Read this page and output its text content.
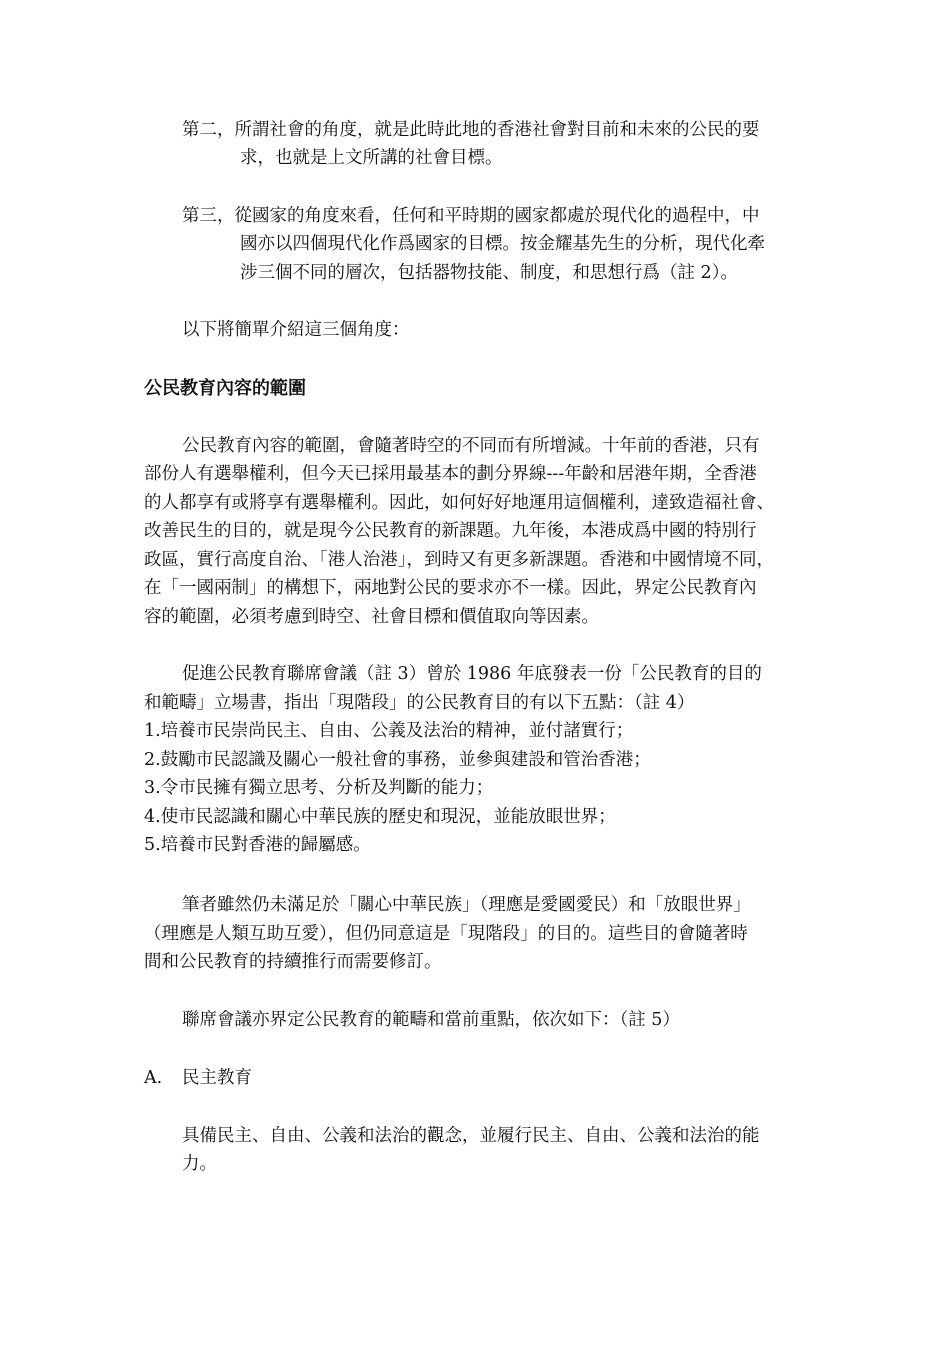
第二，所謂社會的角度，就是此時此地的香港社會對目前和未來的公民的要
求，也就是上文所講的社會目標。
第三，從國家的角度來看，任何和平時期的國家都處於現代化的過程中，中
國亦以四個現代化作爲國家的目標。按金耀基先生的分析，現代化牽
涉三個不同的層次，包括器物技能、制度，和思想行爲（註 2）。
以下將簡單介紹這三個角度：
公民教育內容的範圍
公民教育內容的範圍，會隨著時空的不同而有所增減。十年前的香港，只有
部份人有選舉權利，但今天已採用最基本的劃分界線---年齡和居港年期，全香港
的人都享有或將享有選舉權利。因此，如何好好地運用這個權利，達致造福社會、
改善民生的目的，就是現今公民教育的新課題。九年後，本港成爲中國的特別行
政區，實行高度自治、「港人治港」，到時又有更多新課題。香港和中國情境不同，
在「一國兩制」的構想下，兩地對公民的要求亦不一樣。因此，界定公民教育內
容的範圍，必須考慮到時空、社會目標和價值取向等因素。
促進公民教育聯席會議（註 3）曾於 1986 年底發表一份「公民教育的目的
和範疇」立場書，指出「現階段」的公民教育目的有以下五點：（註 4）
1.培養市民崇尚民主、自由、公義及法治的精神，並付諸實行；
2.鼓勵市民認識及關心一般社會的事務，並參與建設和管治香港；
3.令市民擁有獨立思考、分析及判斷的能力；
4.使市民認識和關心中華民族的歷史和現況，並能放眼世界；
5.培養市民對香港的歸屬感。
筆者雖然仍未滿足於「關心中華民族」（理應是愛國愛民）和「放眼世界」
（理應是人類互助互愛），但仍同意這是「現階段」的目的。這些目的會隨著時
間和公民教育的持續推行而需要修訂。
聯席會議亦界定公民教育的範疇和當前重點，依次如下：（註 5）
A. 民主教育
具備民主、自由、公義和法治的觀念，並履行民主、自由、公義和法治的能
力。
